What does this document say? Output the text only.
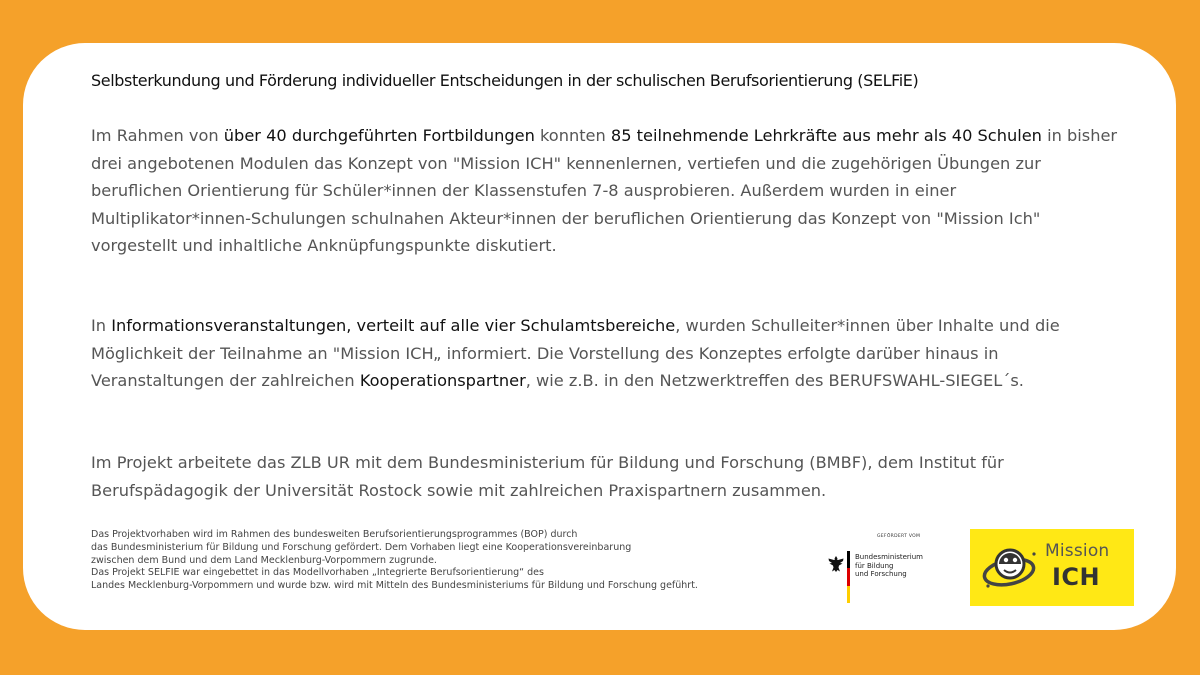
Selbsterkundung und Förderung individueller Entscheidungen in der schulischen Berufsorientierung (SELFiE)

Im Rahmen von über 40 durchgeführten Fortbildungen konnten 85 teilnehmende Lehrkräfte aus mehr als 40 Schulen in bisher drei angebotenen Modulen das Konzept von "Mission ICH" kennenlernen, vertiefen und die zugehörigen Übungen zur beruflichen Orientierung für Schüler*innen der Klassenstufen 7-8 ausprobieren. Außerdem wurden in einer Multiplikator*innen-Schulungen schulnahen Akteur*innen der beruflichen Orientierung das Konzept von "Mission Ich" vorgestellt und inhaltliche Anknüpfungspunkte diskutiert.

In Informationsveranstaltungen, verteilt auf alle vier Schulamtsbereiche, wurden Schulleiter*innen über Inhalte und die Möglichkeit der Teilnahme an "Mission ICH„ informiert. Die Vorstellung des Konzeptes erfolgte darüber hinaus in Veranstaltungen der zahlreichen Kooperationspartner, wie z.B. in den Netzwerktreffen des BERUFSWAHL-SIEGEL´s.

Im Projekt arbeitete das ZLB UR mit dem Bundesministerium für Bildung und Forschung (BMBF), dem Institut für Berufspädagogik der Universität Rostock sowie mit zahlreichen Praxispartnern zusammen.

Das Projektvorhaben wird im Rahmen des bundesweiten Berufsorientierungsprogrammes (BOP) durch
das Bundesministerium für Bildung und Forschung gefördert. Dem Vorhaben liegt eine Kooperationsvereinbarung
zwischen dem Bund und dem Land Mecklenburg-Vorpommern zugrunde.
Das Projekt SELFIE war eingebettet in das Modellvorhaben „Integrierte Berufsorientierung“ des
Landes Mecklenburg-Vorpommern und wurde bzw. wird mit Mitteln des Bundesministeriums für Bildung und Forschung geführt.
GEFÖRDERT VOM
Bundesministerium
für Bildung
und Forschung
Mission
ICH
